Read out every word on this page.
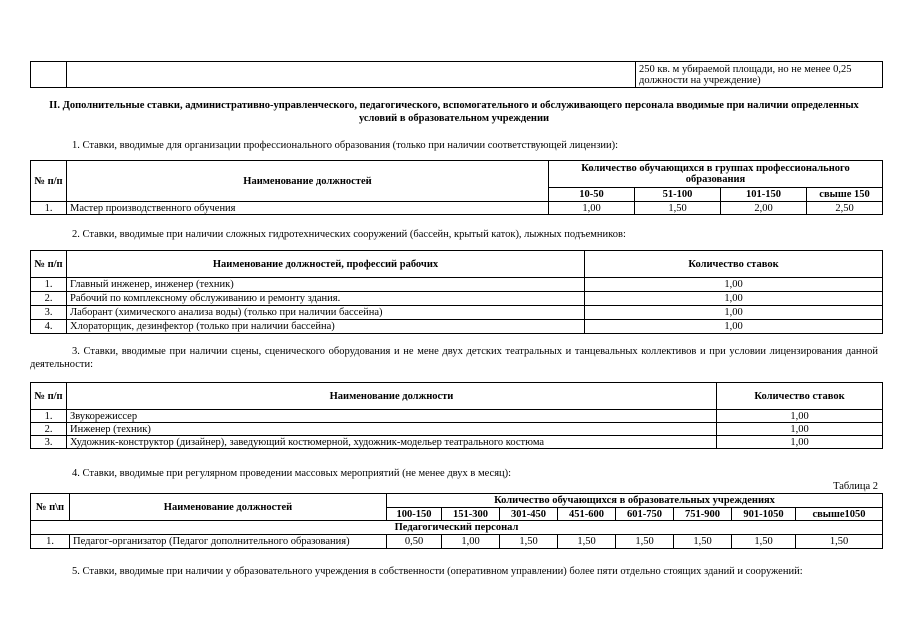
		250 кв. м убираемой площади, но не менее 0,25 должности на учреждение)
II. Дополнительные ставки, административно-управленческого, педагогического, вспомогательного и обслуживающего персонала вводимые при наличии определенных условий в образовательном учреждении
1. Ставки, вводимые для организации профессионального образования (только при наличии соответствующей лицензии):
№ п/п	Наименование должностей	Количество обучающихся в группах профессионального образования			
		10-50	51-100	101-150	свыше 150
1.	Мастер производственного обучения	1,00	1,50	2,00	2,50
2. Ставки, вводимые при наличии сложных гидротехнических сооружений (бассейн, крытый каток), лыжных подъемников:
№ п/п	Наименование должностей, профессий рабочих	Количество ставок
1.	Главный инженер, инженер (техник)	1,00
2.	Рабочий по комплексному обслуживанию и ремонту здания.	1,00
3.	Лаборант (химического анализа воды) (только при наличии бассейна)	1,00
4.	Хлораторщик, дезинфектор (только при наличии бассейна)	1,00
3. Ставки, вводимые при наличии сцены, сценического оборудования и не мене двух детских театральных и танцевальных коллективов и при условии лицензирования данной деятельности:
№ п/п	Наименование должности	Количество ставок
1.	Звукорежиссер	1,00
2.	Инженер (техник)	1,00
3.	Художник-конструктор (дизайнер), заведующий костюмерной, художник-модельер театрального костюма	1,00
4. Ставки, вводимые при регулярном проведении массовых мероприятий (не менее двух в месяц):
Таблица 2
№ п\п	Наименование должностей	Количество обучающихся в образовательных учреждениях							
		100-150	151-300	301-450	451-600	601-750	751-900	901-1050	свыше1050
Педагогический персонал									
1.	Педагог-организатор (Педагог дополнительного образования)	0,50	1,00	1,50	1,50	1,50	1,50	1,50	1,50
5. Ставки, вводимые при наличии у образовательного учреждения в собственности (оперативном управлении) более пяти отдельно стоящих зданий и сооружений:
